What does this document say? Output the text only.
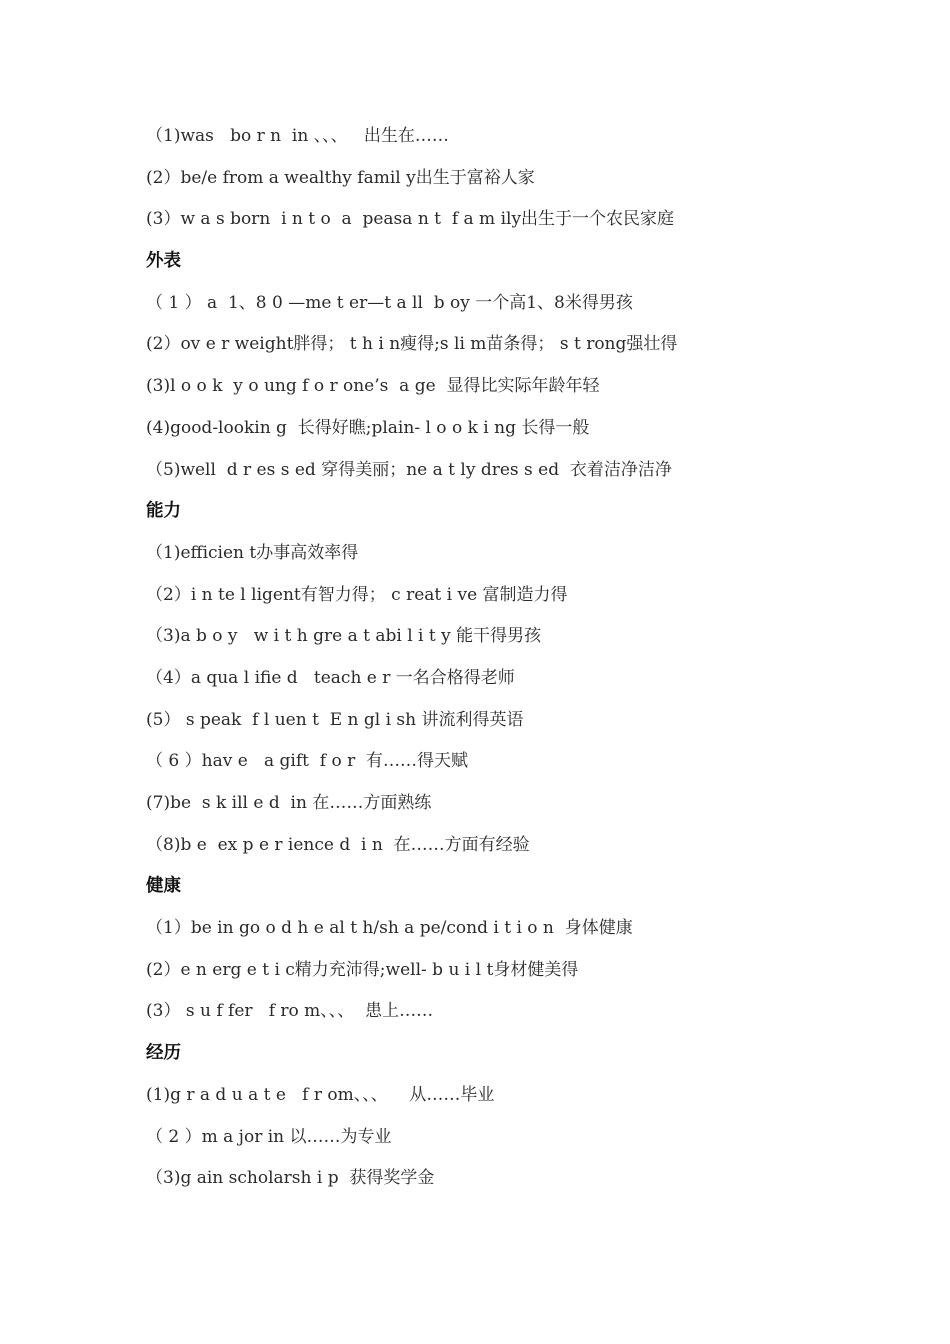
（1)was   bo r n  in 、、、   出生在……
(2）be/e from a wealthy famil y出生于富裕人家
(3）w a s born  i n t o  a  peasa n t  f a m ily出生于一个农民家庭
外表
（ 1 ） a  1、8 0 —me t er—t a ll  b oy 一个高1、8米得男孩
(2）ov e r weight胖得； t h i n瘦得;s li m苗条得； s t rong强壮得
(3)l o o k  y o ung f o r one’s  a ge  显得比实际年龄年轻
(4)good-lookin g  长得好瞧;plain- l o o k i ng 长得一般
（5)well  d r es s ed 穿得美丽；ne a t ly dres s ed  衣着洁净洁净
能力
（1)efficien t办事高效率得
（2）i n te l ligent有智力得； c reat i ve 富制造力得
（3)a b o y   w i t h gre a t abi l i t y 能干得男孩
（4）a qua l ifie d   teach e r 一名合格得老师
(5） s peak  f l uen t  E n gl i sh 讲流利得英语
（ 6 ）hav e   a gift  f o r  有……得天赋
(7)be  s k ill e d  in 在……方面熟练
（8)b e  ex p e r ience d  i n  在……方面有经验
健康
（1）be in go o d h e al t h/sh a pe/cond i t i o n  身体健康
(2）e n erg e t i c精力充沛得;well- b u i l t身材健美得
(3） s u f fer   f ro m、、、  患上……
经历
(1)g r a d u a t e   f r om、、、    从……毕业
（ 2 ）m a jor in 以……为专业
（3)g ain scholarsh i p  获得奖学金
